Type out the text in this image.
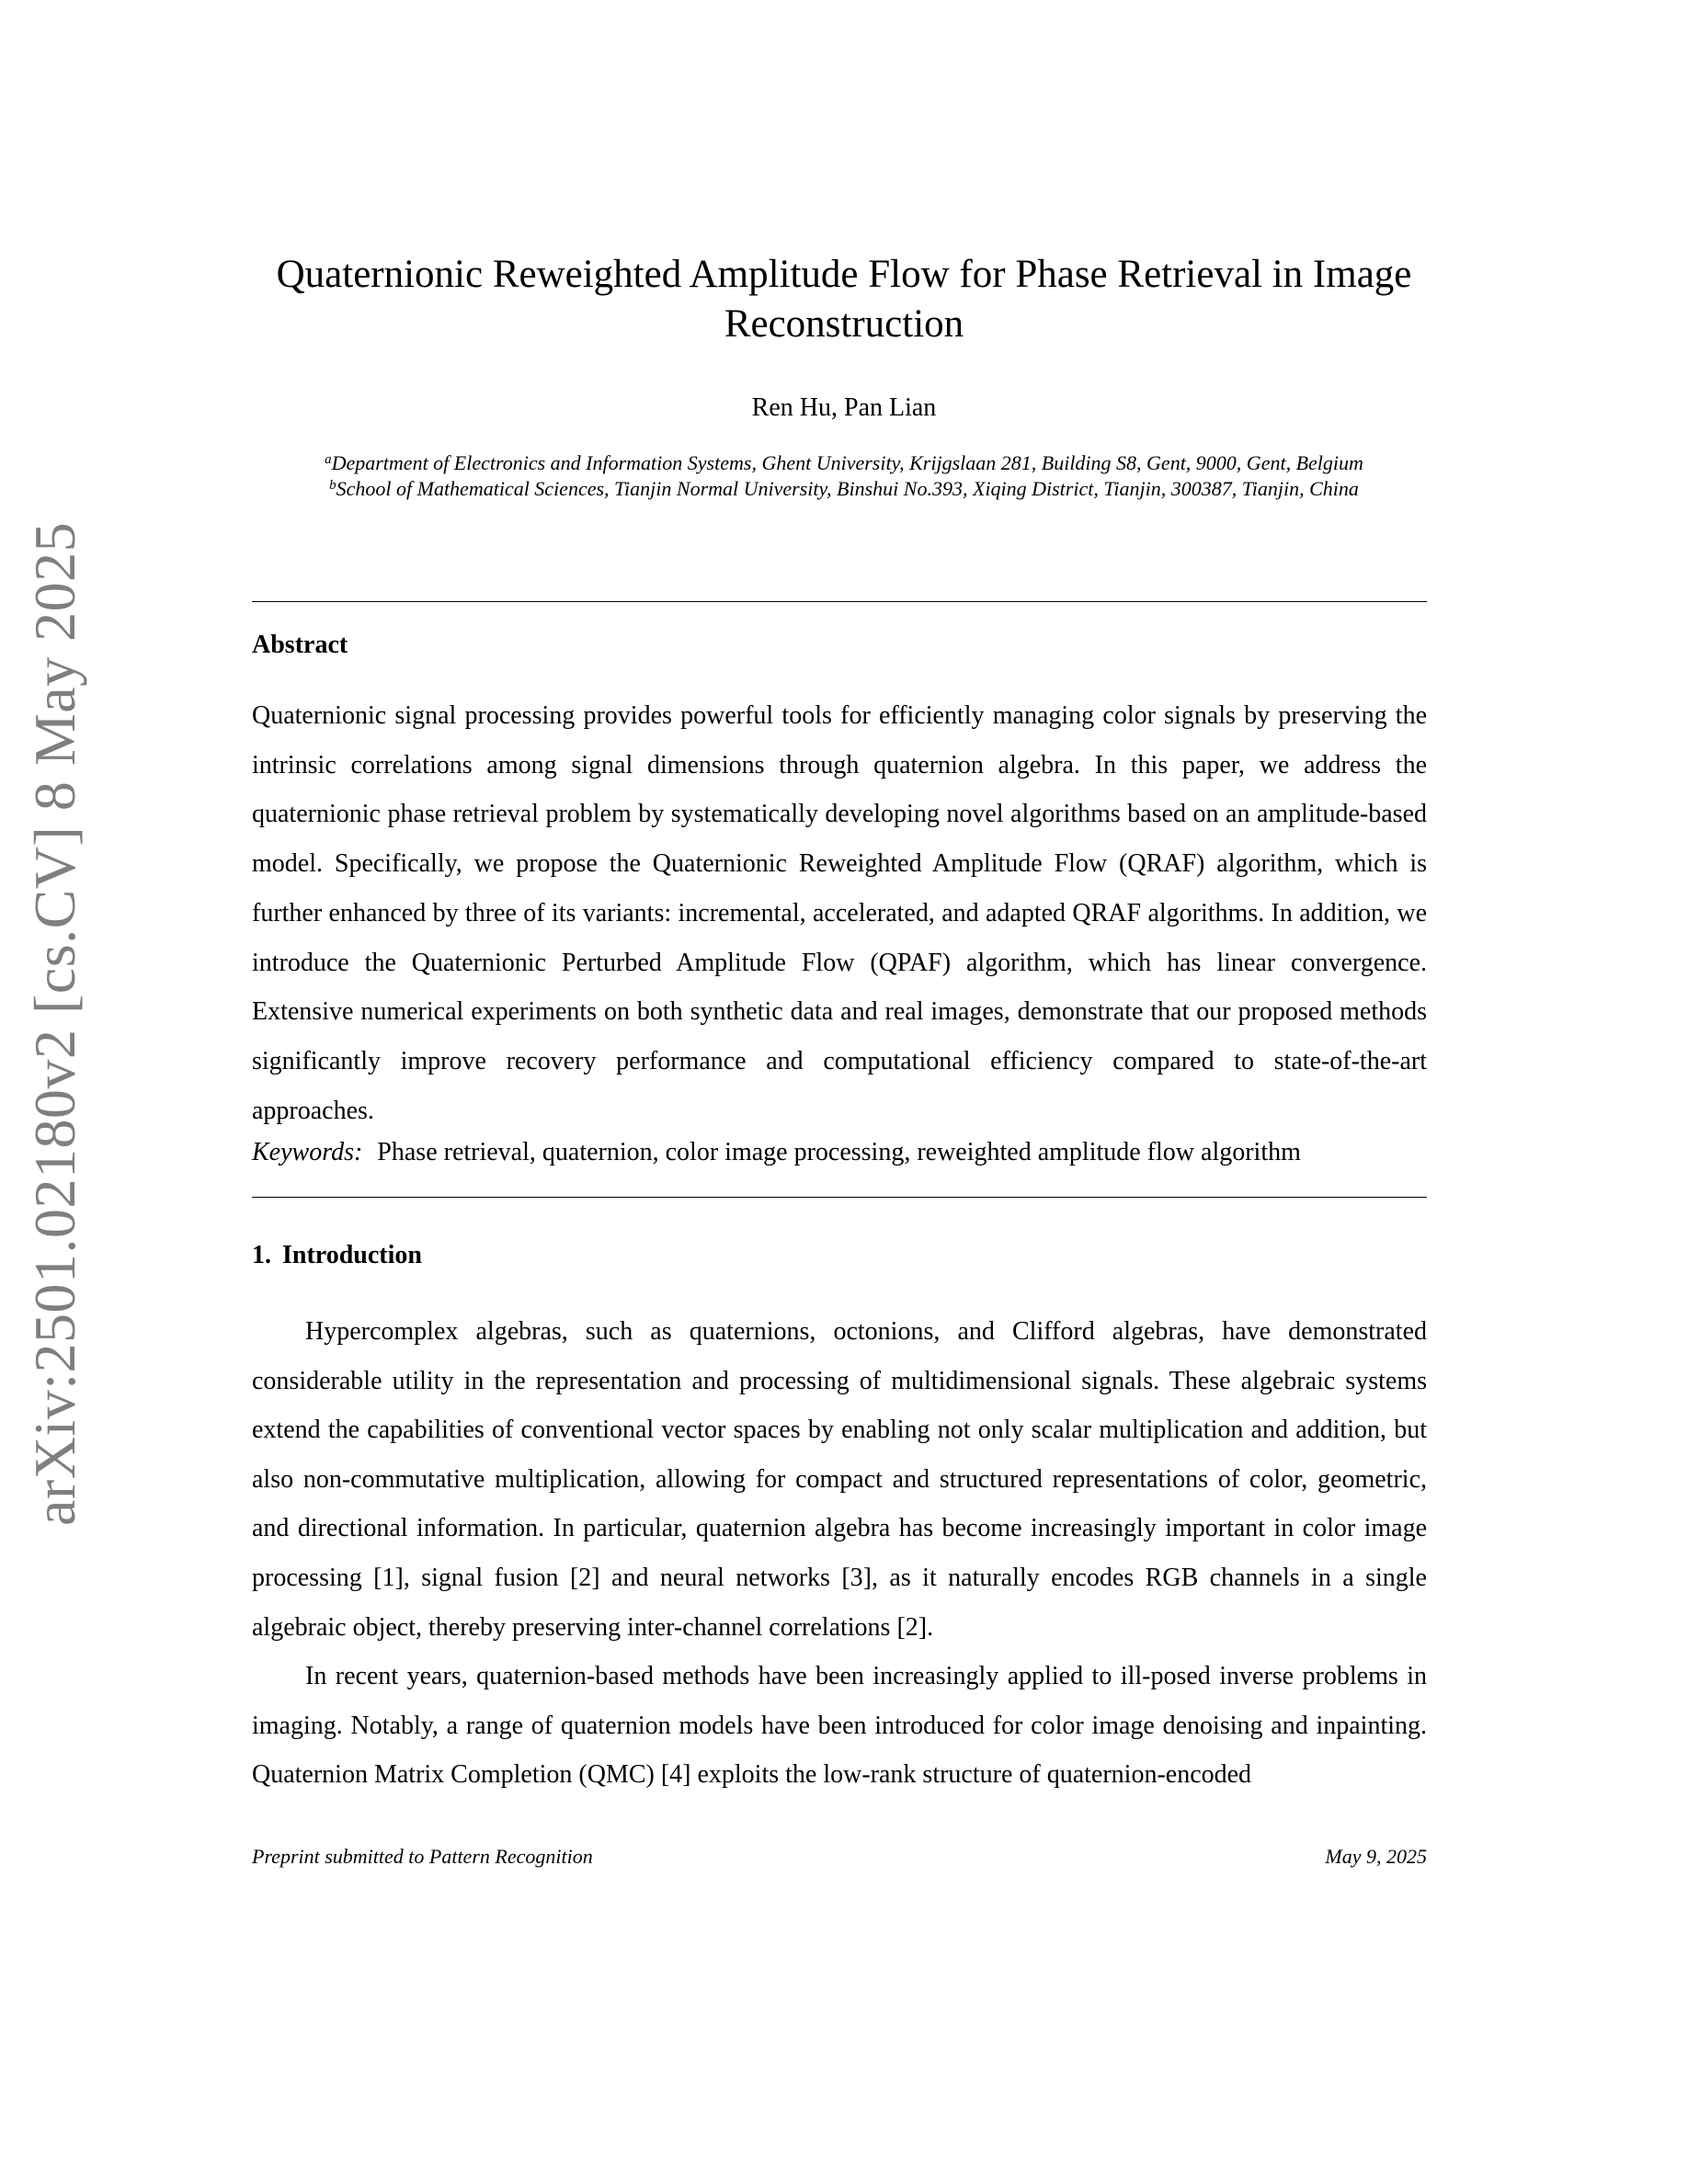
arXiv:2501.02180v2 [cs.CV] 8 May 2025
Quaternionic Reweighted Amplitude Flow for Phase Retrieval in Image Reconstruction
Ren Hu, Pan Lian
$^a$Department of Electronics and Information Systems, Ghent University, Krijgslaan 281, Building S8, Gent, 9000, Gent, Belgium
$^b$School of Mathematical Sciences, Tianjin Normal University, Binshui No.393, Xiqing District, Tianjin, 300387, Tianjin, China
Abstract

Quaternionic signal processing provides powerful tools for efficiently managing color signals by preserving the intrinsic correlations among signal dimensions through quaternion algebra. In this paper, we address the quaternionic phase retrieval problem by systematically developing novel algorithms based on an amplitude-based model. Specifically, we propose the Quaternionic Reweighted Amplitude Flow (QRAF) algorithm, which is further enhanced by three of its variants: incremental, accelerated, and adapted QRAF algorithms. In addition, we introduce the Quaternionic Perturbed Amplitude Flow (QPAF) algorithm, which has linear convergence. Extensive numerical experiments on both synthetic data and real images, demonstrate that our proposed methods significantly improve recovery performance and computational efficiency compared to state-of-the-art approaches.

Keywords: Phase retrieval, quaternion, color image processing, reweighted amplitude flow algorithm
1. Introduction

Hypercomplex algebras, such as quaternions, octonions, and Clifford algebras, have demonstrated considerable utility in the representation and processing of multidimensional signals. These algebraic systems extend the capabilities of conventional vector spaces by enabling not only scalar multiplication and addition, but also non-commutative multiplication, allowing for compact and structured representations of color, geometric, and directional information. In particular, quaternion algebra has become increasingly important in color image processing [1], signal fusion [2] and neural networks [3], as it naturally encodes RGB channels in a single algebraic object, thereby preserving inter-channel correlations [2].

In recent years, quaternion-based methods have been increasingly applied to ill-posed inverse problems in imaging. Notably, a range of quaternion models have been introduced for color image denoising and inpainting. Quaternion Matrix Completion (QMC) [4] exploits the low-rank structure of quaternion-encoded

Preprint submitted to Pattern Recognition	May 9, 2025
